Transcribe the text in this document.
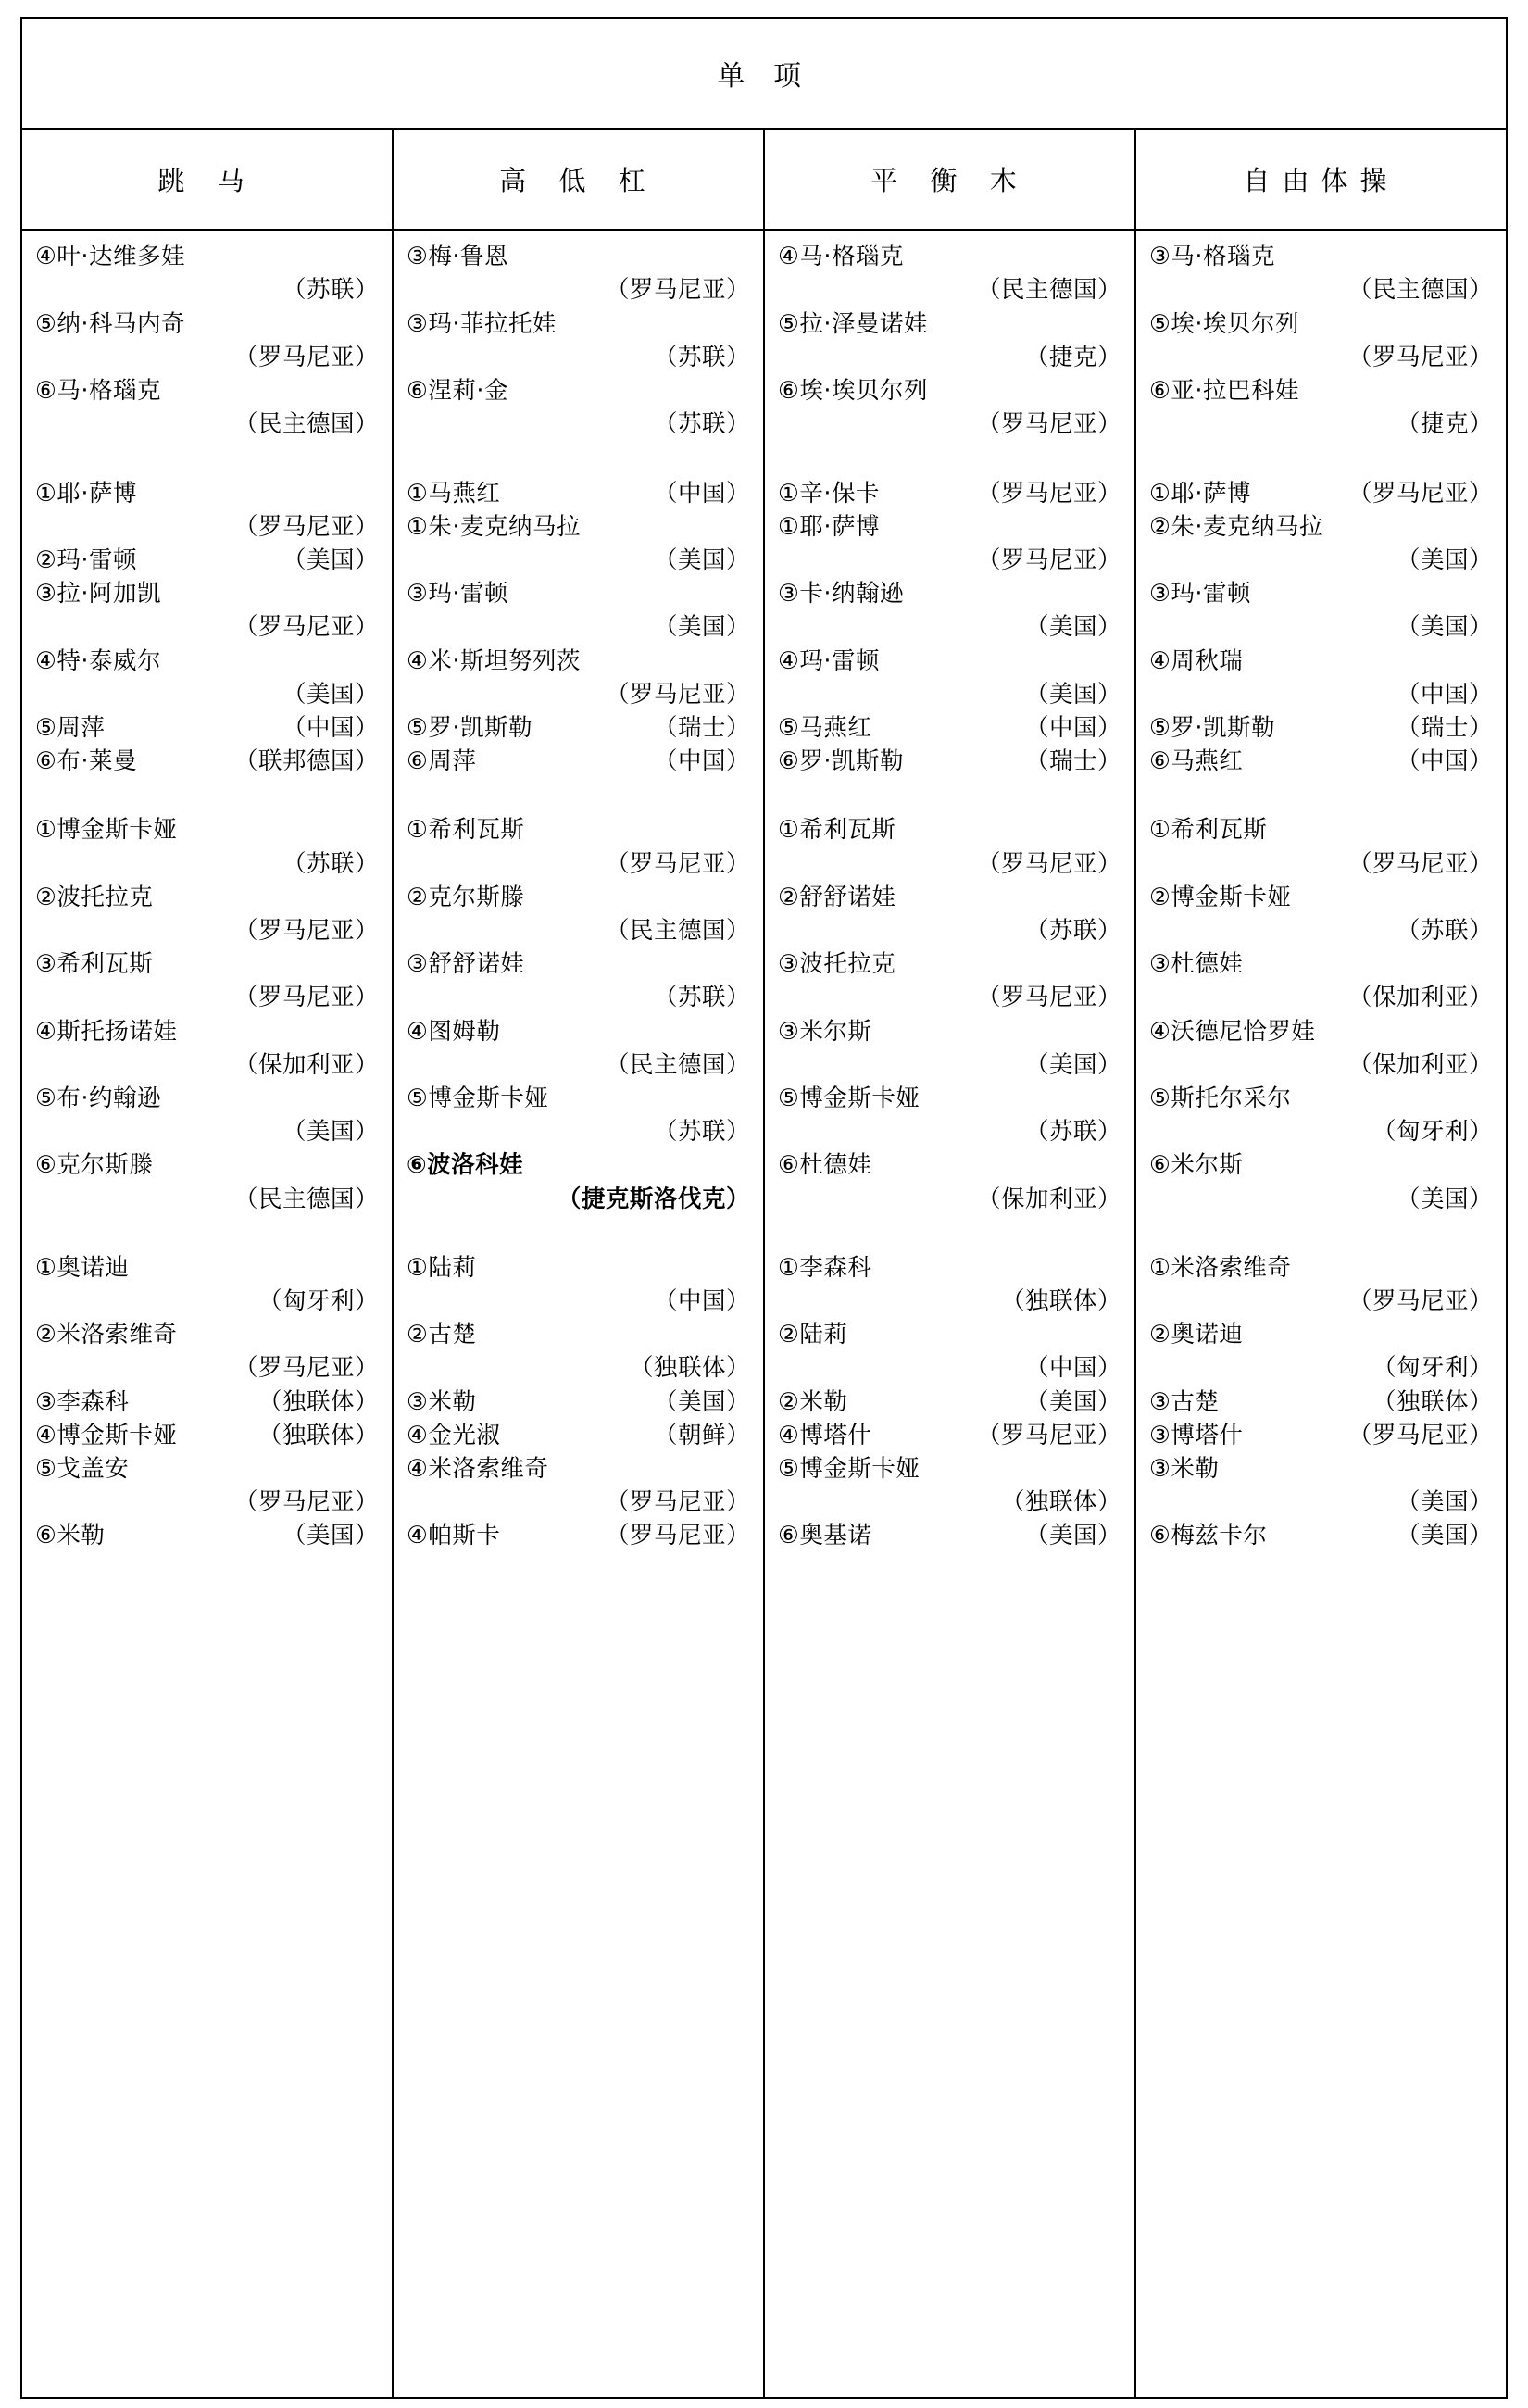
单 项			
跳 马	高 低 杠	平 衡 木	自由体操

④叶·达维多娃
（苏联）
⑤纳·科马内奇
（罗马尼亚）
⑥马·格瑙克
（民主德国）
①耶·萨博
（罗马尼亚）
②玛·雷顿	（美国）
③拉·阿加凯
（罗马尼亚）
④特·泰威尔
（美国）
⑤周萍	（中国）
⑥布·莱曼	（联邦德国）
①博金斯卡娅
（苏联）
②波托拉克
（罗马尼亚）
③希利瓦斯
（罗马尼亚）
④斯托扬诺娃
（保加利亚）
⑤布·约翰逊
（美国）
⑥克尔斯滕
（民主德国）
①奥诺迪
（匈牙利）
②米洛索维奇
（罗马尼亚）
③李森科	（独联体）
④博金斯卡娅	（独联体）
⑤戈盖安
（罗马尼亚）
⑥米勒	（美国）

③梅·鲁恩
（罗马尼亚）
③玛·菲拉托娃
（苏联）
⑥涅莉·金
（苏联）
①马燕红	（中国）
①朱·麦克纳马拉
（美国）
③玛·雷顿
（美国）
④米·斯坦努列茨
（罗马尼亚）
⑤罗·凯斯勒	（瑞士）
⑥周萍	（中国）
①希利瓦斯
（罗马尼亚）
②克尔斯滕
（民主德国）
③舒舒诺娃
（苏联）
④图姆勒
（民主德国）
⑤博金斯卡娅
（苏联）
⑥波洛科娃
（捷克斯洛伐克）
①陆莉
（中国）
②古楚
（独联体）
③米勒	（美国）
④金光淑	（朝鲜）
④米洛索维奇
（罗马尼亚）
④帕斯卡	（罗马尼亚）

④马·格瑙克
（民主德国）
⑤拉·泽曼诺娃
（捷克）
⑥埃·埃贝尔列
（罗马尼亚）
①辛·保卡	（罗马尼亚）
①耶·萨博
（罗马尼亚）
③卡·纳翰逊
（美国）
④玛·雷顿
（美国）
⑤马燕红	（中国）
⑥罗·凯斯勒	（瑞士）
①希利瓦斯
（罗马尼亚）
②舒舒诺娃
（苏联）
③波托拉克
（罗马尼亚）
③米尔斯
（美国）
⑤博金斯卡娅
（苏联）
⑥杜德娃
（保加利亚）
①李森科
（独联体）
②陆莉
（中国）
②米勒	（美国）
④博塔什	（罗马尼亚）
⑤博金斯卡娅
（独联体）
⑥奥基诺	（美国）

③马·格瑙克
（民主德国）
⑤埃·埃贝尔列
（罗马尼亚）
⑥亚·拉巴科娃
（捷克）
①耶·萨博	（罗马尼亚）
②朱·麦克纳马拉
（美国）
③玛·雷顿
（美国）
④周秋瑞
（中国）
⑤罗·凯斯勒	（瑞士）
⑥马燕红	（中国）
①希利瓦斯
（罗马尼亚）
②博金斯卡娅
（苏联）
③杜德娃
（保加利亚）
④沃德尼恰罗娃
（保加利亚）
⑤斯托尔采尔
（匈牙利）
⑥米尔斯
（美国）
①米洛索维奇
（罗马尼亚）
②奥诺迪
（匈牙利）
③古楚	（独联体）
③博塔什	（罗马尼亚）
③米勒
（美国）
⑥梅兹卡尔	（美国）
